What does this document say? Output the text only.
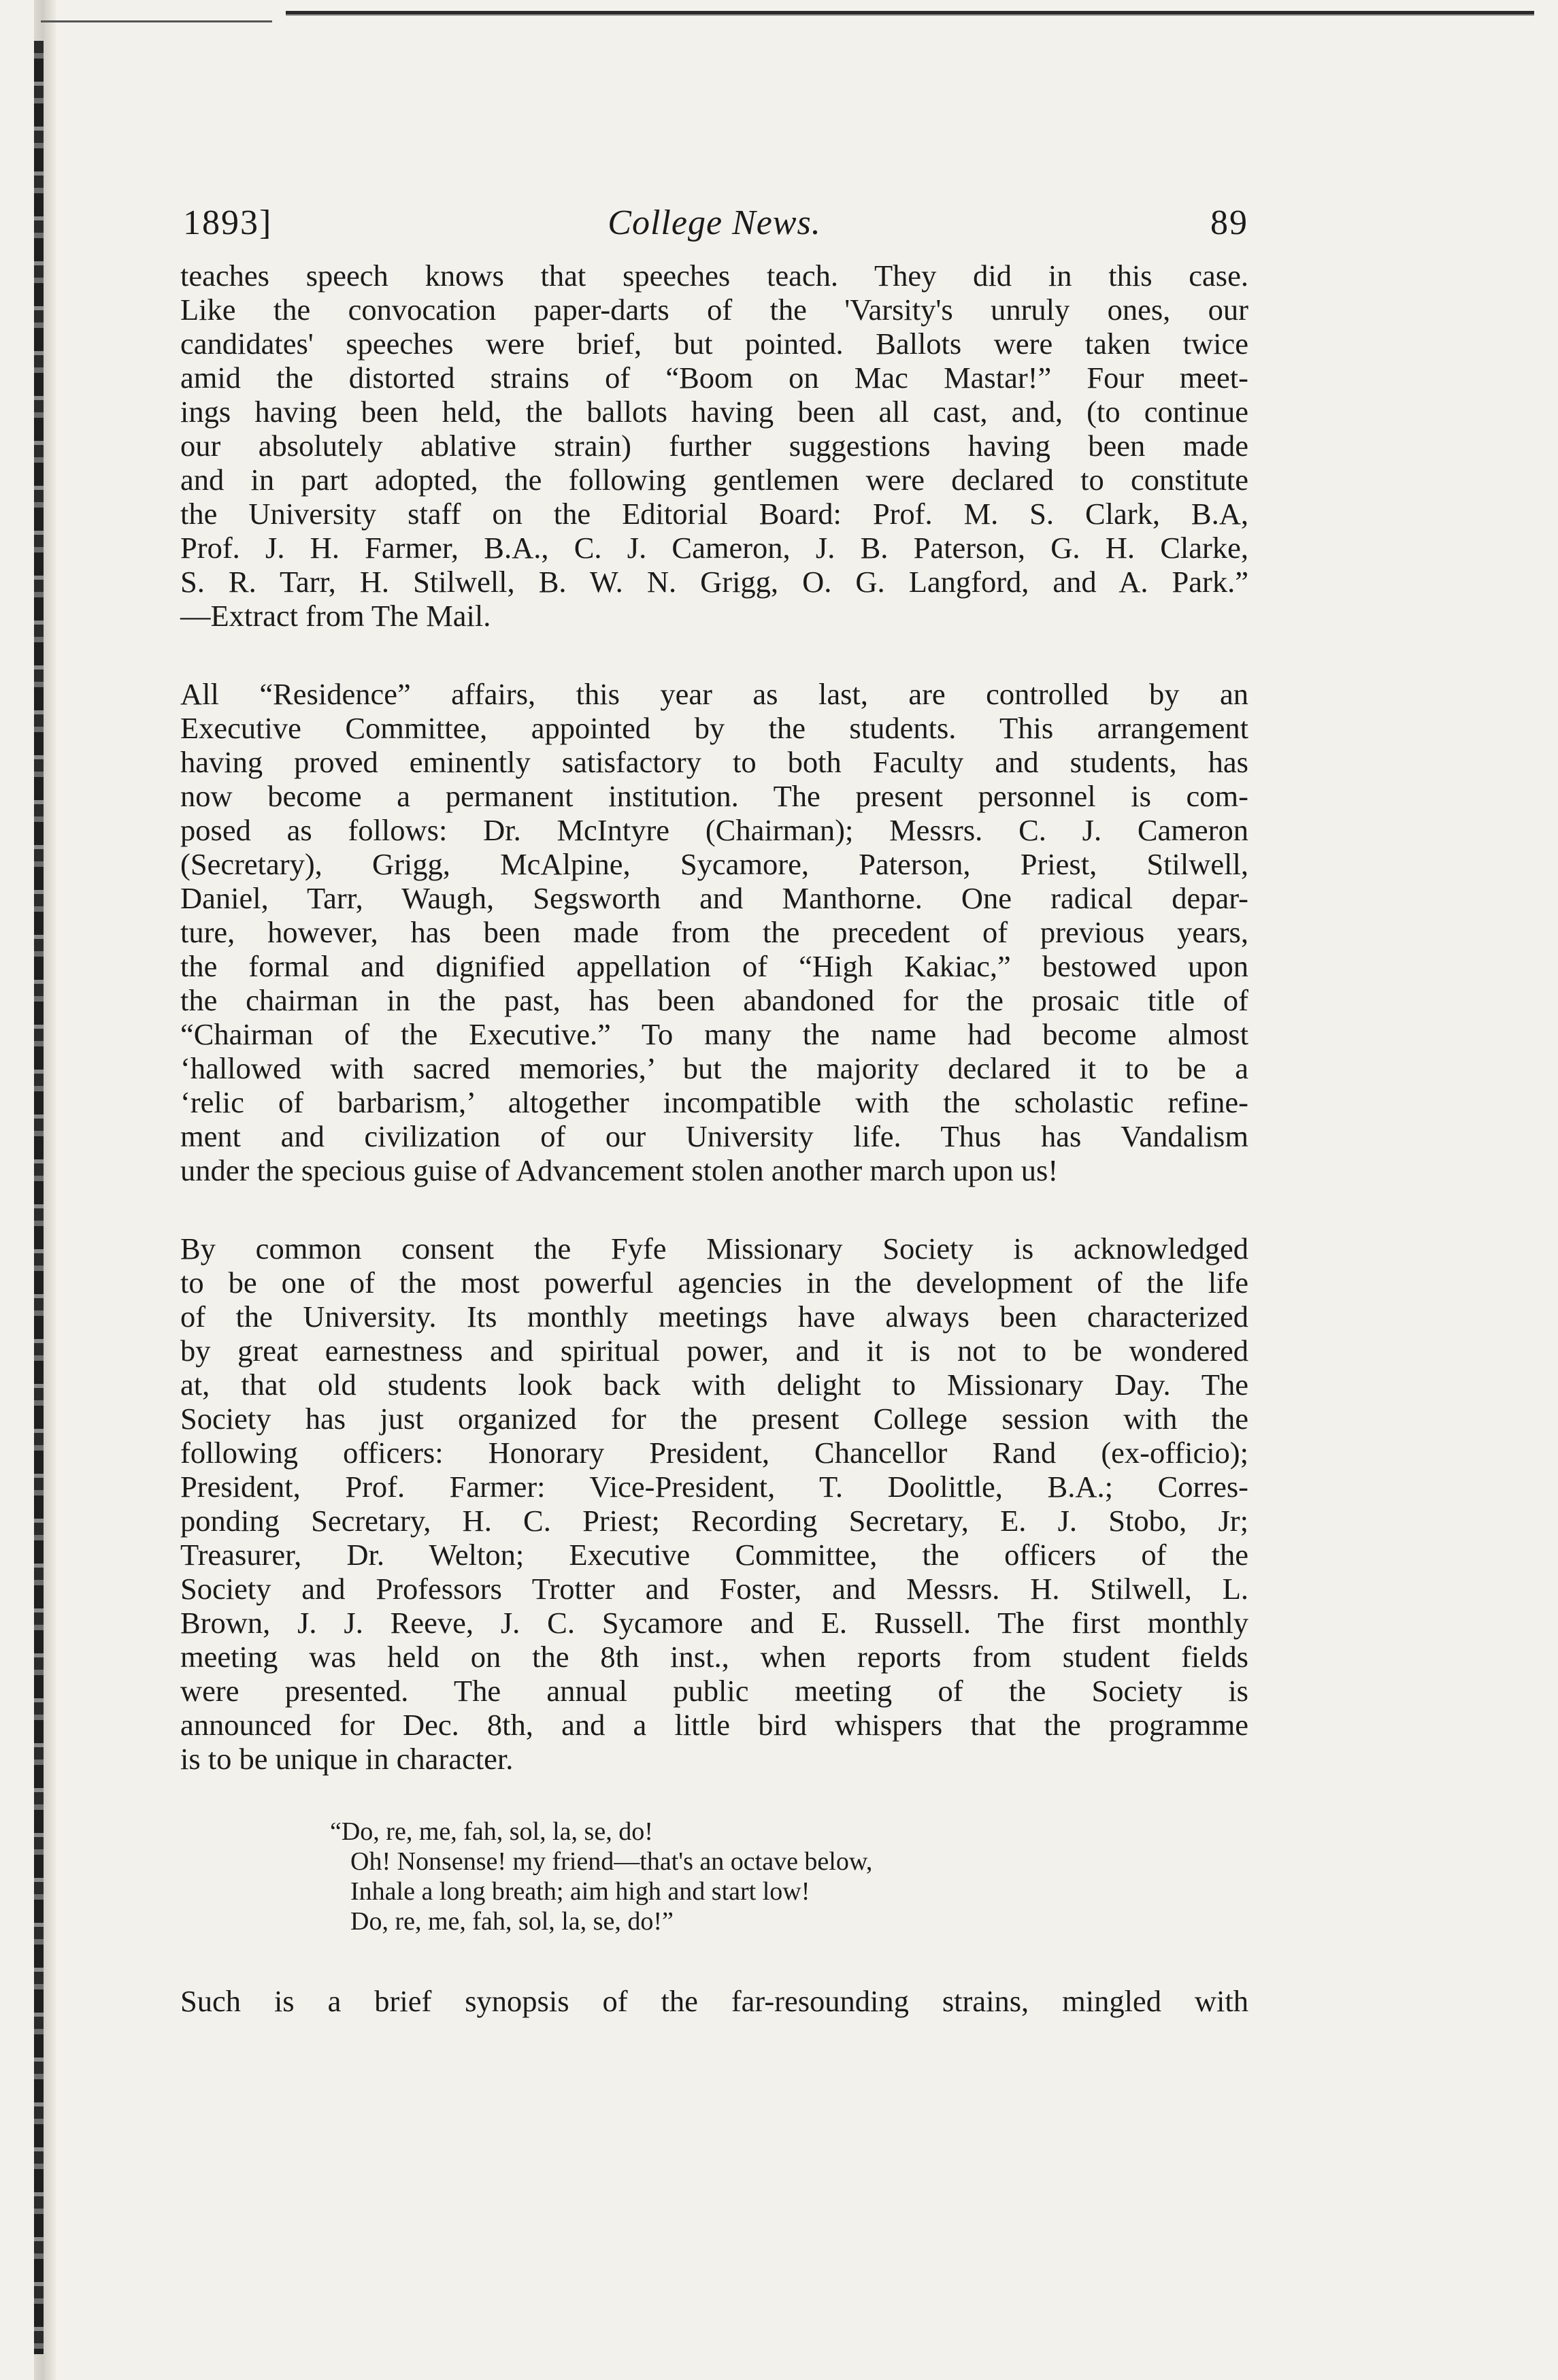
1893]	College News.	89
teaches speech knows that speeches teach. They did in this case.
Like the convocation paper-darts of the 'Varsity's unruly ones, our
candidates' speeches were brief, but pointed. Ballots were taken twice
amid the distorted strains of “Boom on Mac Mastar!” Four meet-
ings having been held, the ballots having been all cast, and, (to continue
our absolutely ablative strain) further suggestions having been made
and in part adopted, the following gentlemen were declared to constitute
the University staff on the Editorial Board: Prof. M. S. Clark, B.A,
Prof. J. H. Farmer, B.A., C. J. Cameron, J. B. Paterson, G. H. Clarke,
S. R. Tarr, H. Stilwell, B. W. N. Grigg, O. G. Langford, and A. Park.”
—Extract from The Mail.
All “Residence” affairs, this year as last, are controlled by an
Executive Committee, appointed by the students. This arrangement
having proved eminently satisfactory to both Faculty and students, has
now become a permanent institution. The present personnel is com-
posed as follows: Dr. McIntyre (Chairman); Messrs. C. J. Cameron
(Secretary), Grigg, McAlpine, Sycamore, Paterson, Priest, Stilwell,
Daniel, Tarr, Waugh, Segsworth and Manthorne. One radical depar-
ture, however, has been made from the precedent of previous years,
the formal and dignified appellation of “High Kakiac,” bestowed upon
the chairman in the past, has been abandoned for the prosaic title of
“Chairman of the Executive.” To many the name had become almost
‘hallowed with sacred memories,’ but the majority declared it to be a
‘relic of barbarism,’ altogether incompatible with the scholastic refine-
ment and civilization of our University life. Thus has Vandalism
under the specious guise of Advancement stolen another march upon us!
By common consent the Fyfe Missionary Society is acknowledged
to be one of the most powerful agencies in the development of the life
of the University. Its monthly meetings have always been characterized
by great earnestness and spiritual power, and it is not to be wondered
at, that old students look back with delight to Missionary Day. The
Society has just organized for the present College session with the
following officers: Honorary President, Chancellor Rand (ex-officio);
President, Prof. Farmer: Vice-President, T. Doolittle, B.A.; Corres-
ponding Secretary, H. C. Priest; Recording Secretary, E. J. Stobo, Jr;
Treasurer, Dr. Welton; Executive Committee, the officers of the
Society and Professors Trotter and Foster, and Messrs. H. Stilwell, L.
Brown, J. J. Reeve, J. C. Sycamore and E. Russell. The first monthly
meeting was held on the 8th inst., when reports from student fields
were presented. The annual public meeting of the Society is
announced for Dec. 8th, and a little bird whispers that the programme
is to be unique in character.
“Do, re, me, fah, sol, la, se, do!
Oh! Nonsense! my friend—that's an octave below,
Inhale a long breath; aim high and start low!
Do, re, me, fah, sol, la, se, do!”
Such is a brief synopsis of the far-resounding strains, mingled with
